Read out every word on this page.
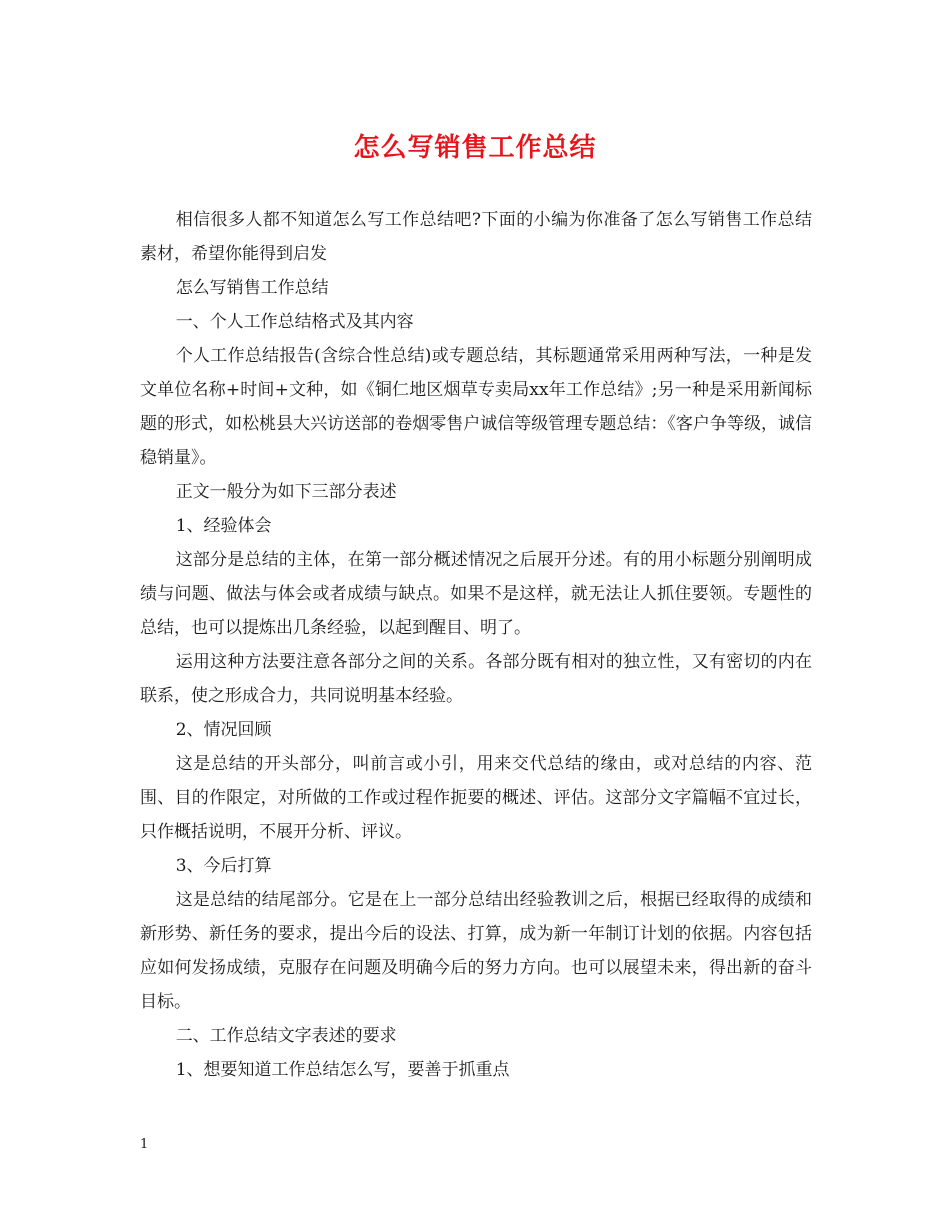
怎么写销售工作总结

相信很多人都不知道怎么写工作总结吧?下面的小编为你准备了怎么写销售工作总结素材，希望你能得到启发

怎么写销售工作总结

一、个人工作总结格式及其内容

个人工作总结报告(含综合性总结)或专题总结，其标题通常采用两种写法，一种是发文单位名称+时间+文种，如《铜仁地区烟草专卖局xx年工作总结》;另一种是采用新闻标题的形式，如松桃县大兴访送部的卷烟零售户诚信等级管理专题总结：《客户争等级，诚信稳销量》。

正文一般分为如下三部分表述

1、经验体会

这部分是总结的主体，在第一部分概述情况之后展开分述。有的用小标题分别阐明成绩与问题、做法与体会或者成绩与缺点。如果不是这样，就无法让人抓住要领。专题性的总结，也可以提炼出几条经验，以起到醒目、明了。

运用这种方法要注意各部分之间的关系。各部分既有相对的独立性，又有密切的内在联系，使之形成合力，共同说明基本经验。

2、情况回顾

这是总结的开头部分，叫前言或小引，用来交代总结的缘由，或对总结的内容、范围、目的作限定，对所做的工作或过程作扼要的概述、评估。这部分文字篇幅不宜过长，只作概括说明，不展开分析、评议。

3、今后打算

这是总结的结尾部分。它是在上一部分总结出经验教训之后，根据已经取得的成绩和新形势、新任务的要求，提出今后的设法、打算，成为新一年制订计划的依据。内容包括应如何发扬成绩，克服存在问题及明确今后的努力方向。也可以展望未来，得出新的奋斗目标。

二、工作总结文字表述的要求

1、想要知道工作总结怎么写，要善于抓重点

1
